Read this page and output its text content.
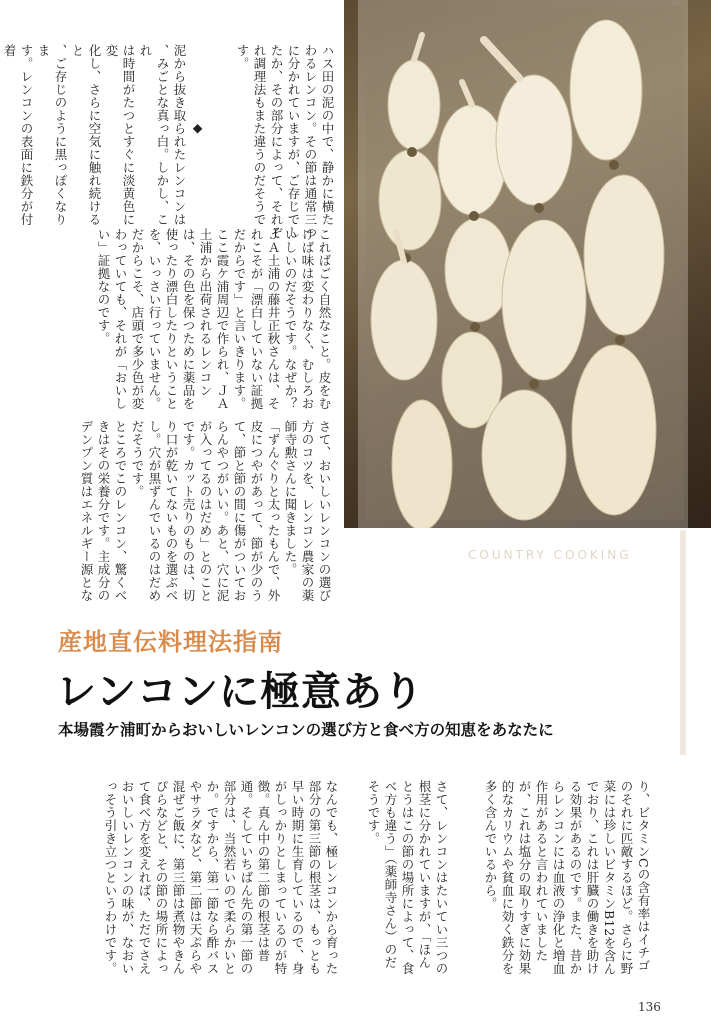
ハス田の泥の中で、静かに横た

わるレンコン。その節は通常三つ

に分かれていますが、ご存じでし

たか、その部分によって、それぞ

れ調理法もまた違うのだそうです。

◆

泥から抜き取られたレンコンは

、みごとな真っ白。しかし、これ

は時間がたつとすぐに淡黄色に変

化し、さらに空気に触れ続けると

、ご存じのように黒っぽくなりま

す。レンコンの表面に鉄分が付着

こればごく自然なこと。皮をむけば味は変わりなく、むしろおいしいのだそうです。なぜか？

ＪＡ土浦の藤井正秋さんは、それこそが「漂白していない証拠だからです」と言いきります。

ここ霞ケ浦周辺で作られ、ＪＡ土浦から出荷されるレンコンは、その色を保つために薬品を使ったり漂白したりということを、いっさい行っていません。だからこそ、店頭で多少色が変わっていても、それが「おいしい」証拠なのです。

さて、おいしいレンコンの選び方のコツを、レンコン農家の薬師寺勲さんに聞きました。

「ずんぐりと太ったもんで、外皮につやがあって、節が少のうて、節と節の間に傷がついておらんやつがいい。あと、穴に泥が入ってるのはだめ」とのことです。カット売りのものは、切り口が乾いてないものを選ぶべし。穴が黒ずんでいるのはだめだそうです。

ところでこのレンコン、驚くべきはその栄養分です。主成分のデンプン質はエネルギー源とな	COUNTRY COOKING
産地直伝料理法指南
レンコンに極意あり
本場霞ケ浦町からおいしいレンコンの選び方と食べ方の知恵をあなたに

り、ビタミンCの含有率はイチゴのそれに匹敵するほど。さらに野菜には珍しいビタミンB12を含んでおり、これは肝臓の働きを助ける効果があるのです。また、昔からレンコンには血液の浄化と増血作用があると言われていましたが、これは塩分の取りすぎに効果的なカリウムや貧血に効く鉄分を多く含んでいるから。

さて、レンコンはたいてい三つの根茎に分かれていますが、「ほんとうはこの節の場所によって、食べ方も違う」（薬師寺さん）のだそうです。

なんでも、極レンコンから育った部分の第三節の根茎は、もっとも早い時期に生育しているので、身がしっかりとしまっているのが特徴。真ん中の第二節の根茎は普通。そしていちばん先の第一節の部分は、当然若いので柔らかいとか。ですから、第一節なら酢バスやサラダなど、第二節は天ぷらや混ぜご飯に、第三節は煮物やきんぴらなどと、その節の場所によって食べ方を変えれば、ただでさえおいしいレンコンの味が、なおいっそう引き立つというわけです。

136
